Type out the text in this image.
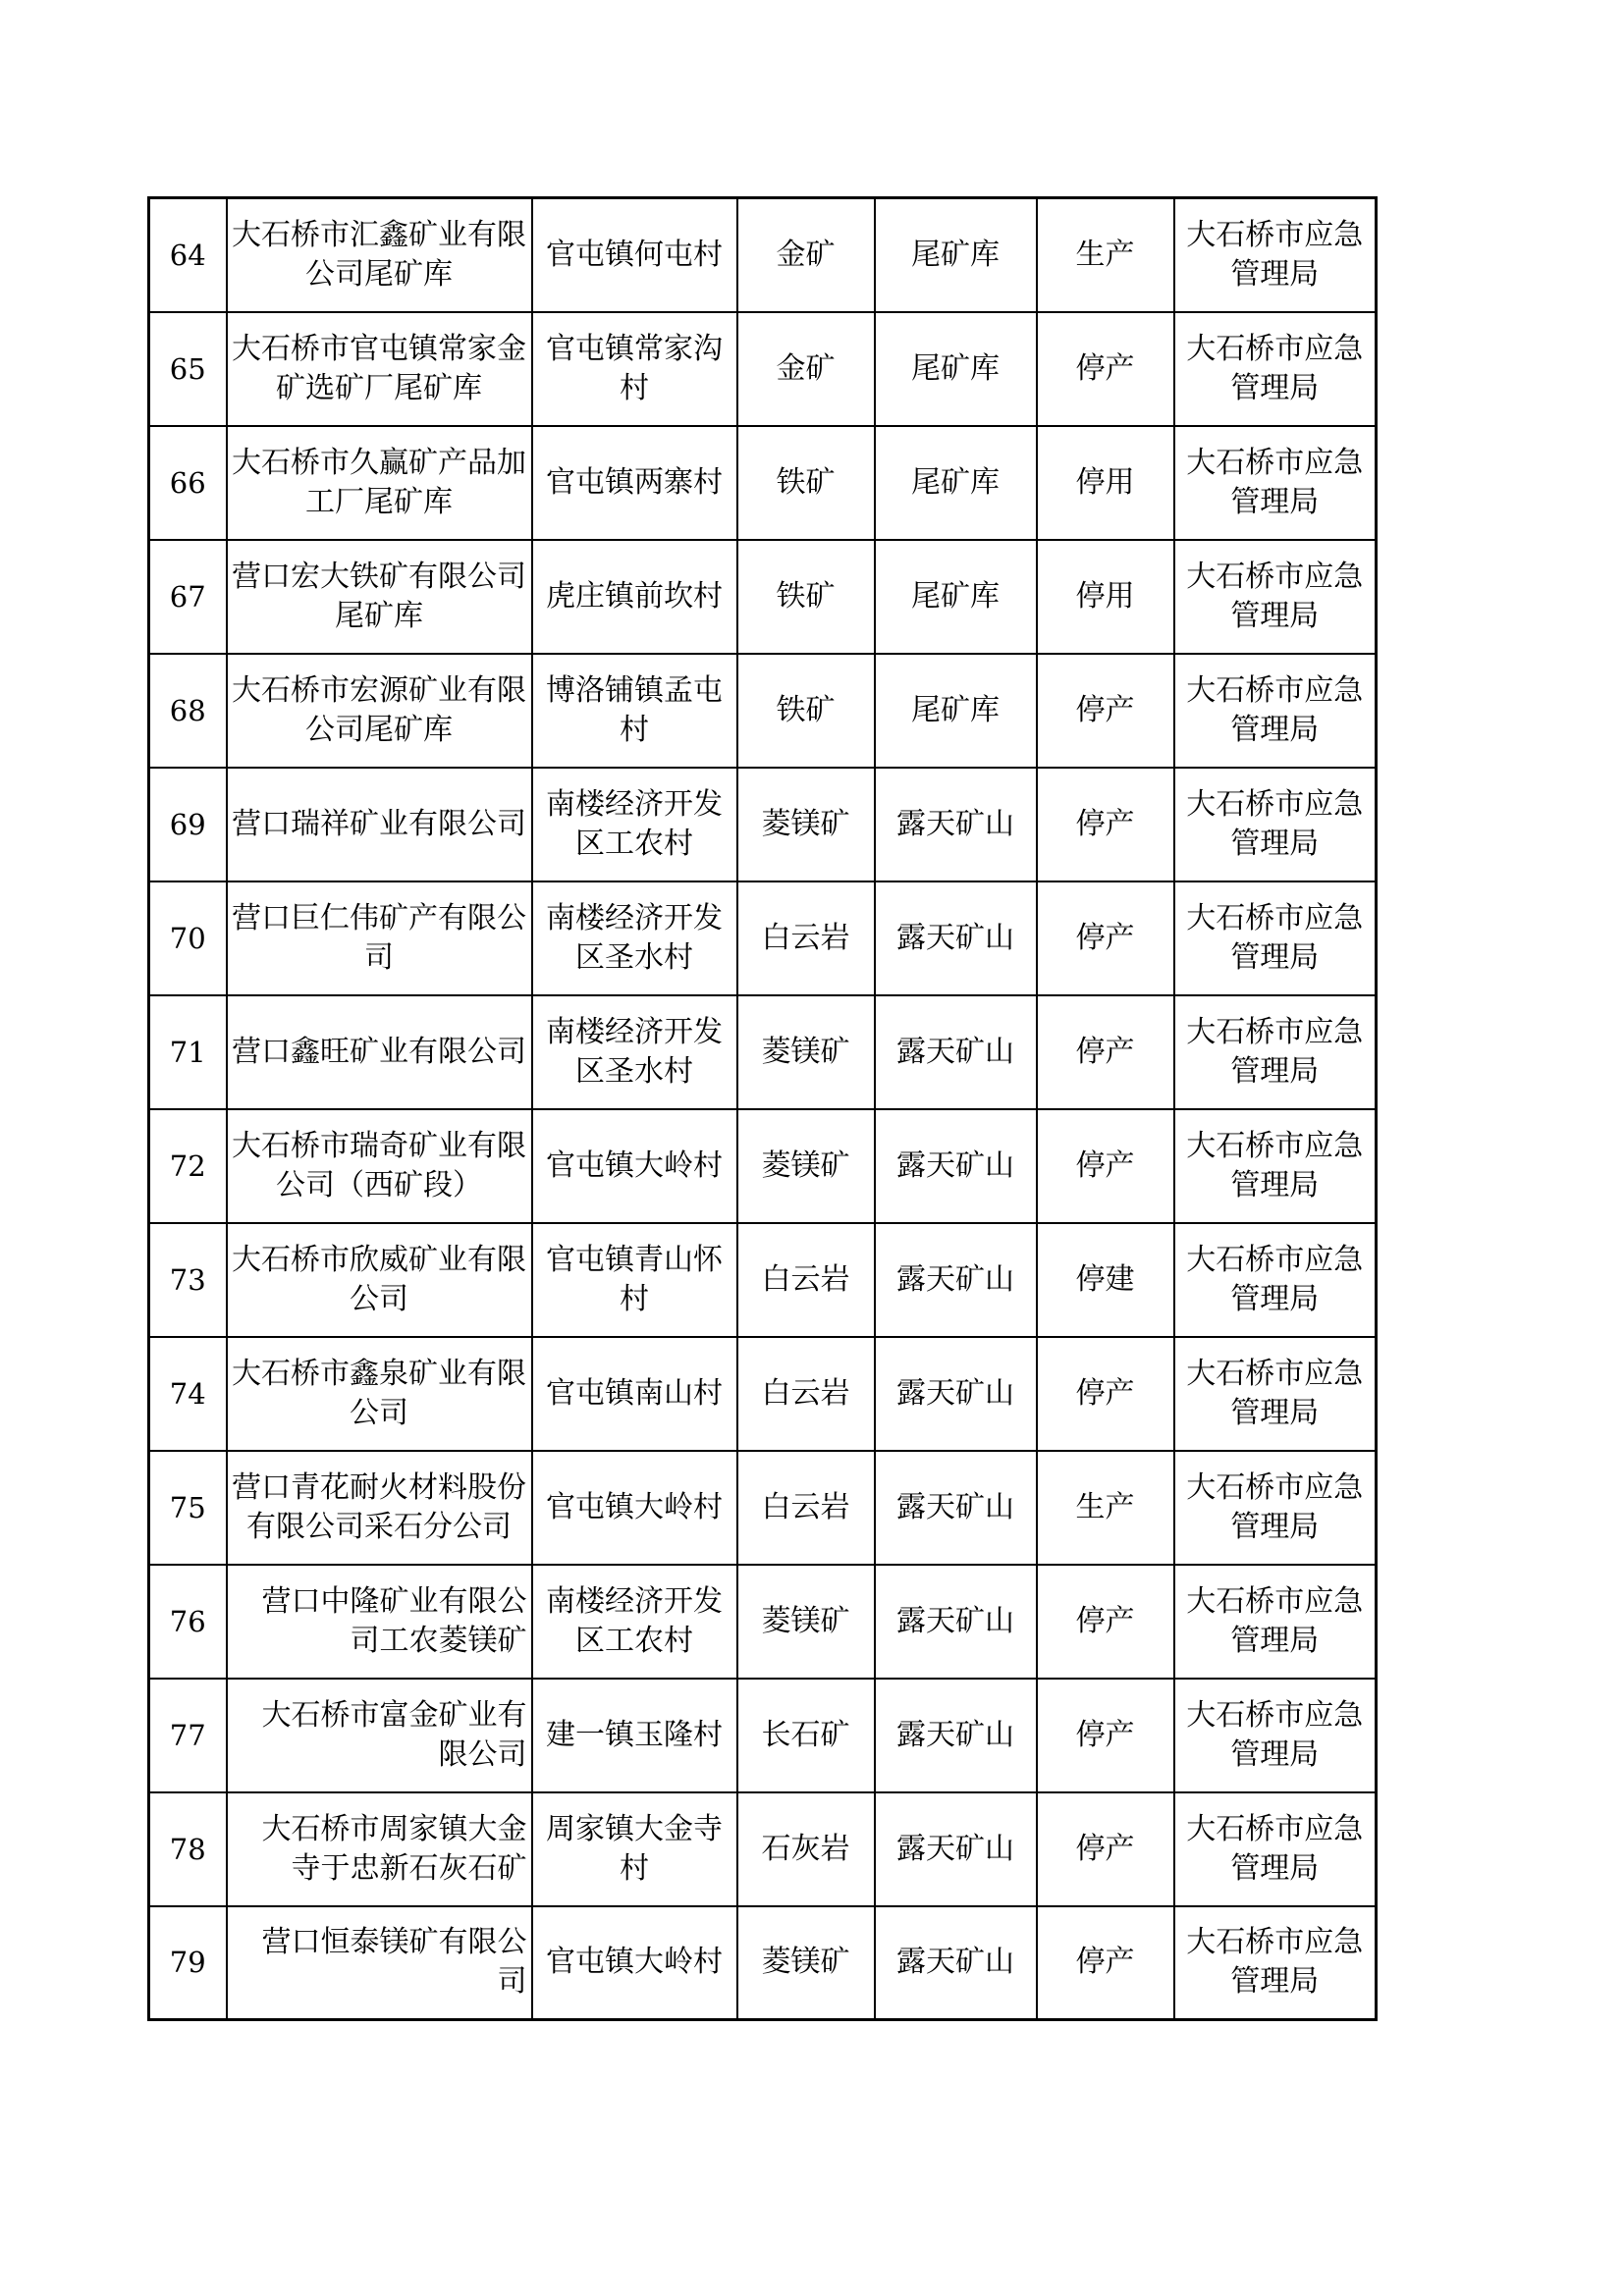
64	大石桥市汇鑫矿业有限公司尾矿库	官屯镇何屯村	金矿	尾矿库	生产	大石桥市应急管理局
65	大石桥市官屯镇常家金矿选矿厂尾矿库	官屯镇常家沟村	金矿	尾矿库	停产	大石桥市应急管理局
66	大石桥市久赢矿产品加工厂尾矿库	官屯镇两寨村	铁矿	尾矿库	停用	大石桥市应急管理局
67	营口宏大铁矿有限公司尾矿库	虎庄镇前坎村	铁矿	尾矿库	停用	大石桥市应急管理局
68	大石桥市宏源矿业有限公司尾矿库	博洛铺镇孟屯村	铁矿	尾矿库	停产	大石桥市应急管理局
69	营口瑞祥矿业有限公司	南楼经济开发区工农村	菱镁矿	露天矿山	停产	大石桥市应急管理局
70	营口巨仁伟矿产有限公司	南楼经济开发区圣水村	白云岩	露天矿山	停产	大石桥市应急管理局
71	营口鑫旺矿业有限公司	南楼经济开发区圣水村	菱镁矿	露天矿山	停产	大石桥市应急管理局
72	大石桥市瑞奇矿业有限公司（西矿段）	官屯镇大岭村	菱镁矿	露天矿山	停产	大石桥市应急管理局
73	大石桥市欣威矿业有限公司	官屯镇青山怀村	白云岩	露天矿山	停建	大石桥市应急管理局
74	大石桥市鑫泉矿业有限公司	官屯镇南山村	白云岩	露天矿山	停产	大石桥市应急管理局
75	营口青花耐火材料股份有限公司采石分公司	官屯镇大岭村	白云岩	露天矿山	生产	大石桥市应急管理局
76	营口中隆矿业有限公司工农菱镁矿	南楼经济开发区工农村	菱镁矿	露天矿山	停产	大石桥市应急管理局
77	大石桥市富金矿业有限公司	建一镇玉隆村	长石矿	露天矿山	停产	大石桥市应急管理局
78	大石桥市周家镇大金寺于忠新石灰石矿	周家镇大金寺村	石灰岩	露天矿山	停产	大石桥市应急管理局
79	营口恒泰镁矿有限公司	官屯镇大岭村	菱镁矿	露天矿山	停产	大石桥市应急管理局
